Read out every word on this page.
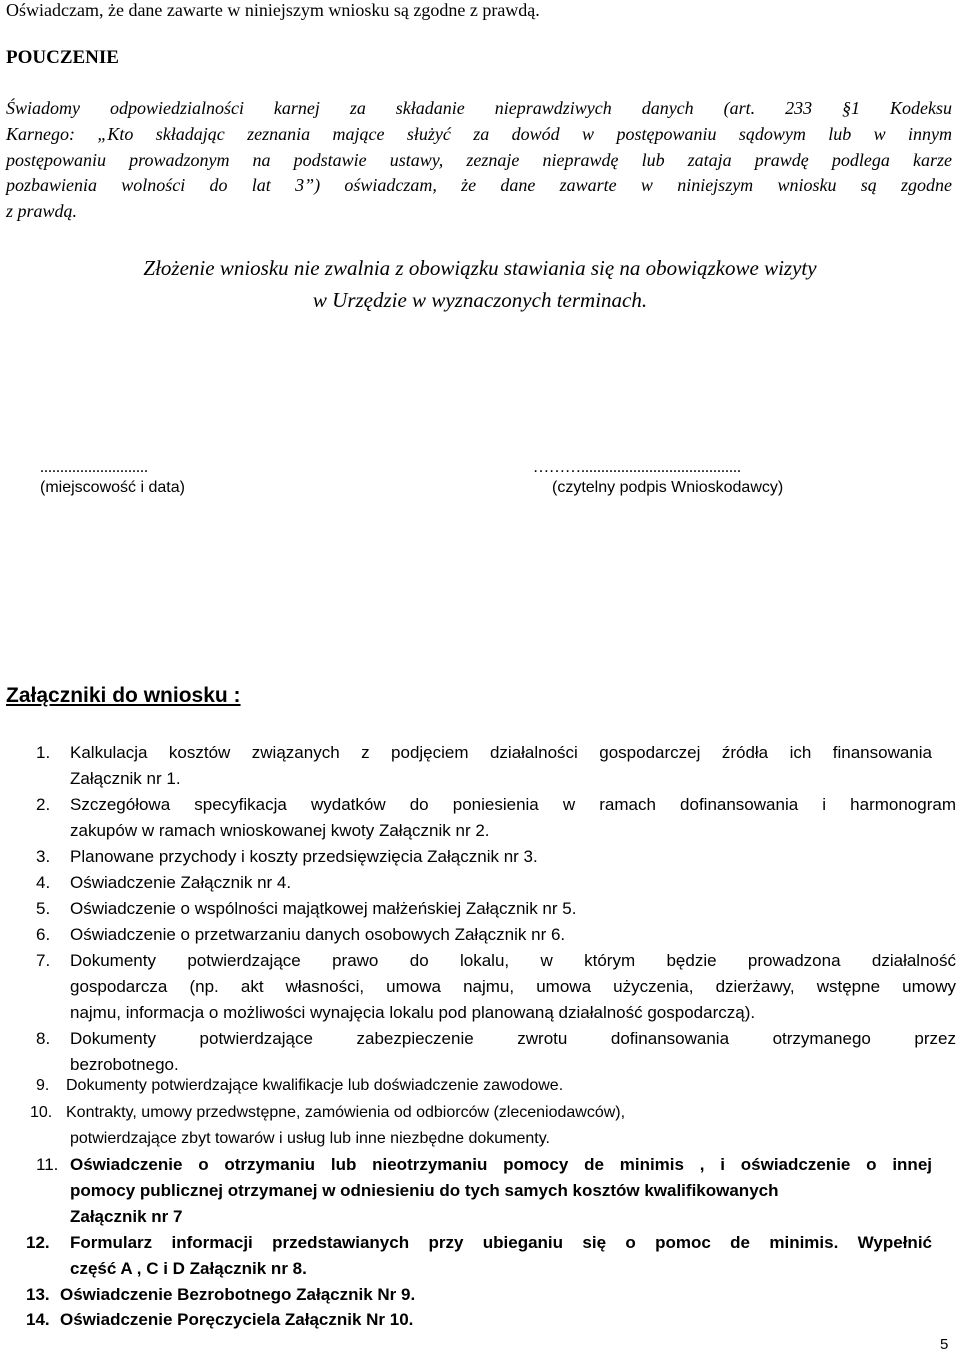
Oświadczam, że dane zawarte w niniejszym wniosku są zgodne z prawdą.
POUCZENIE
Świadomy odpowiedzialności karnej za składanie nieprawdziwych danych (art. 233 §1 Kodeksu
Karnego: „Kto składając zeznania mające służyć za dowód w postępowaniu sądowym lub w innym
postępowaniu prowadzonym na podstawie ustawy, zeznaje nieprawdę lub zataja prawdę podlega karze
pozbawienia wolności do lat 3”) oświadczam, że dane zawarte w niniejszym wniosku są zgodne
z prawdą.
Złożenie wniosku nie zwalnia z obowiązku stawiania się na obowiązkowe wizyty
w Urzędzie w wyznaczonych terminach.
...........................
(miejscowość i data)
………........................................
(czytelny podpis Wnioskodawcy)
Załączniki do wniosku :
1. Kalkulacja kosztów związanych z podjęciem działalności gospodarczej źródła ich finansowania
Załącznik nr 1.
2. Szczegółowa specyfikacja wydatków do poniesienia w ramach dofinansowania i harmonogram
zakupów w ramach wnioskowanej kwoty Załącznik nr 2.
3. Planowane przychody i koszty przedsięwzięcia Załącznik nr 3.
4. Oświadczenie Załącznik nr 4.
5. Oświadczenie o wspólności majątkowej małżeńskiej Załącznik nr 5.
6. Oświadczenie o przetwarzaniu danych osobowych Załącznik nr 6.
7. Dokumenty potwierdzające prawo do lokalu, w którym będzie prowadzona działalność
gospodarcza (np. akt własności, umowa najmu, umowa użyczenia, dzierżawy, wstępne umowy
najmu, informacja o możliwości wynajęcia lokalu pod planowaną działalność gospodarczą).
8. Dokumenty potwierdzające zabezpieczenie zwrotu dofinansowania otrzymanego przez
bezrobotnego.
9. Dokumenty potwierdzające kwalifikacje lub doświadczenie zawodowe.
10. Kontrakty, umowy przedwstępne, zamówienia od odbiorców (zleceniodawców),
potwierdzające zbyt towarów i usług lub inne niezbędne dokumenty.
11. Oświadczenie o otrzymaniu lub nieotrzymaniu pomocy de minimis , i oświadczenie o innej
pomocy publicznej otrzymanej w odniesieniu do tych samych kosztów kwalifikowanych
Załącznik nr 7
12. Formularz informacji przedstawianych przy ubieganiu się o pomoc de minimis. Wypełnić
część A , C i D Załącznik nr 8.
13. Oświadczenie Bezrobotnego Załącznik Nr 9.
14. Oświadczenie Poręczyciela Załącznik Nr 10.
5
